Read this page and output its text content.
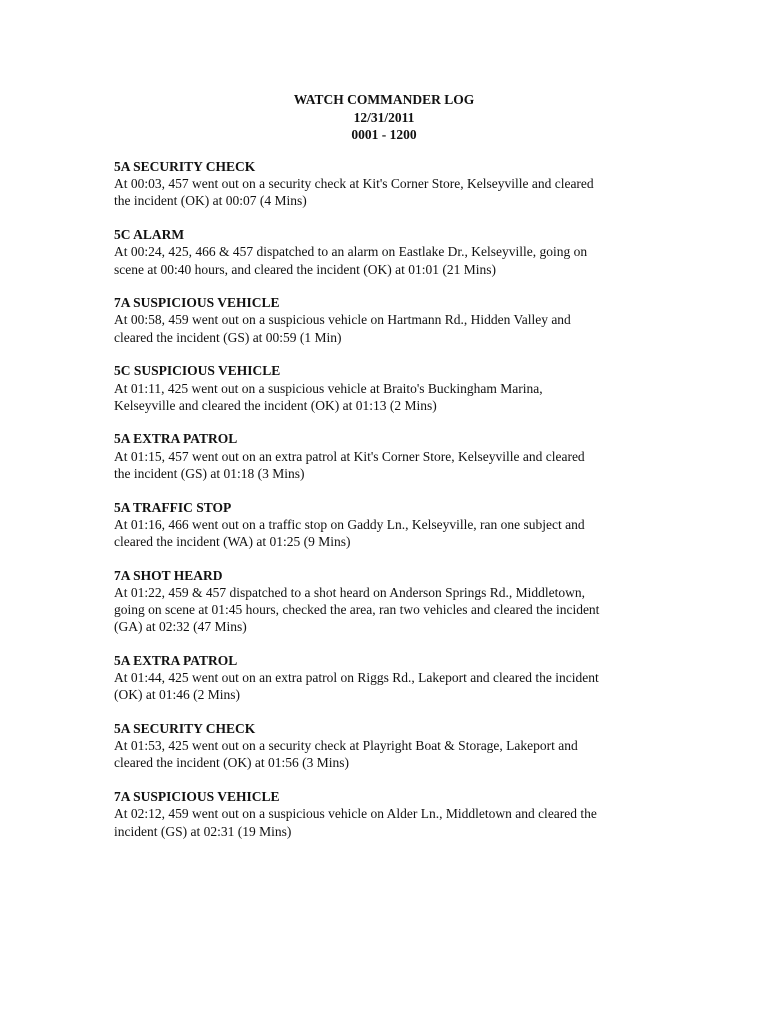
WATCH COMMANDER LOG
12/31/2011
0001 - 1200
5A SECURITY CHECK
At 00:03, 457 went out on a security check at Kit's Corner Store, Kelseyville and cleared
the incident (OK) at 00:07 (4 Mins)
5C ALARM
At 00:24, 425, 466 & 457 dispatched to an alarm on Eastlake Dr., Kelseyville, going on
scene at 00:40 hours, and cleared the incident (OK) at 01:01 (21 Mins)
7A SUSPICIOUS VEHICLE
At 00:58, 459 went out on a suspicious vehicle on Hartmann Rd., Hidden Valley and
cleared the incident (GS) at 00:59 (1 Min)
5C SUSPICIOUS VEHICLE
At 01:11, 425 went out on a suspicious vehicle at Braito's Buckingham Marina,
Kelseyville and cleared the incident (OK) at 01:13 (2 Mins)
5A EXTRA PATROL
At 01:15, 457 went out on an extra patrol at Kit's Corner Store, Kelseyville and cleared
the incident (GS) at 01:18 (3 Mins)
5A TRAFFIC STOP
At 01:16, 466 went out on a traffic stop on Gaddy Ln., Kelseyville, ran one subject and
cleared the incident (WA) at 01:25 (9 Mins)
7A SHOT HEARD
At 01:22, 459 & 457 dispatched to a shot heard on Anderson Springs Rd., Middletown,
going on scene at 01:45 hours, checked the area, ran two vehicles and cleared the incident
(GA) at 02:32 (47 Mins)
5A EXTRA PATROL
At 01:44, 425 went out on an extra patrol on Riggs Rd., Lakeport and cleared the incident
(OK) at 01:46 (2 Mins)
5A SECURITY CHECK
At 01:53, 425 went out on a security check at Playright Boat & Storage, Lakeport and
cleared the incident (OK) at 01:56 (3 Mins)
7A SUSPICIOUS VEHICLE
At 02:12, 459 went out on a suspicious vehicle on Alder Ln., Middletown and cleared the
incident (GS) at 02:31 (19 Mins)
